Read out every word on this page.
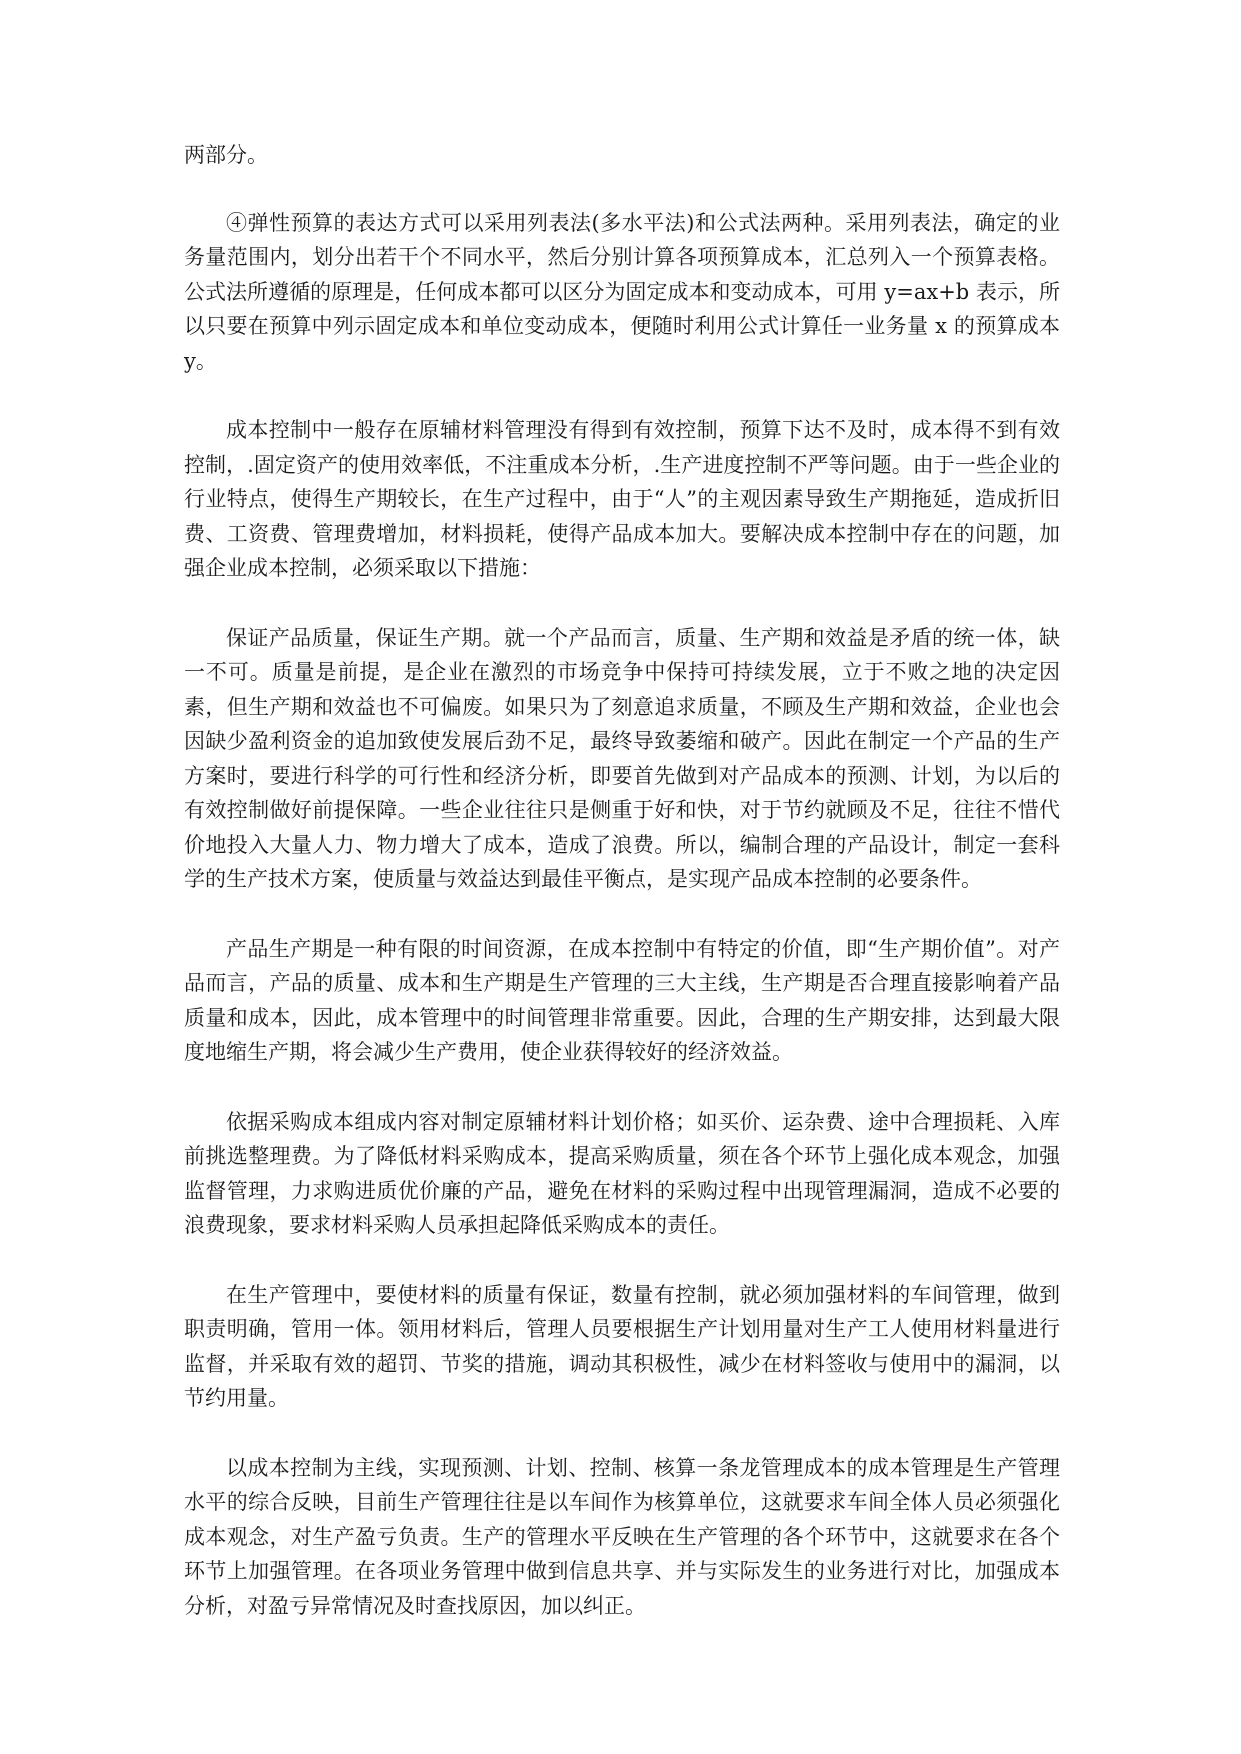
两部分。

④弹性预算的表达方式可以采用列表法(多水平法)和公式法两种。采用列表法，确定的业务量范围内，划分出若干个不同水平，然后分别计算各项预算成本，汇总列入一个预算表格。公式法所遵循的原理是，任何成本都可以区分为固定成本和变动成本，可用 y=ax+b 表示，所以只要在预算中列示固定成本和单位变动成本，便随时利用公式计算任一业务量 x 的预算成本 y。

成本控制中一般存在原辅材料管理没有得到有效控制，预算下达不及时，成本得不到有效控制，.固定资产的使用效率低，不注重成本分析，.生产进度控制不严等问题。由于一些企业的行业特点，使得生产期较长，在生产过程中，由于“人”的主观因素导致生产期拖延，造成折旧费、工资费、管理费增加，材料损耗，使得产品成本加大。要解决成本控制中存在的问题，加强企业成本控制，必须采取以下措施：

保证产品质量，保证生产期。就一个产品而言，质量、生产期和效益是矛盾的统一体，缺一不可。质量是前提，是企业在激烈的市场竞争中保持可持续发展，立于不败之地的决定因素，但生产期和效益也不可偏废。如果只为了刻意追求质量，不顾及生产期和效益，企业也会因缺少盈利资金的追加致使发展后劲不足，最终导致萎缩和破产。因此在制定一个产品的生产方案时，要进行科学的可行性和经济分析，即要首先做到对产品成本的预测、计划，为以后的有效控制做好前提保障。一些企业往往只是侧重于好和快，对于节约就顾及不足，往往不惜代价地投入大量人力、物力增大了成本，造成了浪费。所以，编制合理的产品设计，制定一套科学的生产技术方案，使质量与效益达到最佳平衡点，是实现产品成本控制的必要条件。

产品生产期是一种有限的时间资源，在成本控制中有特定的价值，即“生产期价值”。对产品而言，产品的质量、成本和生产期是生产管理的三大主线，生产期是否合理直接影响着产品质量和成本，因此，成本管理中的时间管理非常重要。因此，合理的生产期安排，达到最大限度地缩生产期，将会减少生产费用，使企业获得较好的经济效益。

依据采购成本组成内容对制定原辅材料计划价格；如买价、运杂费、途中合理损耗、入库前挑选整理费。为了降低材料采购成本，提高采购质量，须在各个环节上强化成本观念，加强监督管理，力求购进质优价廉的产品，避免在材料的采购过程中出现管理漏洞，造成不必要的浪费现象，要求材料采购人员承担起降低采购成本的责任。

在生产管理中，要使材料的质量有保证，数量有控制，就必须加强材料的车间管理，做到职责明确，管用一体。领用材料后，管理人员要根据生产计划用量对生产工人使用材料量进行监督，并采取有效的超罚、节奖的措施，调动其积极性，减少在材料签收与使用中的漏洞，以节约用量。

以成本控制为主线，实现预测、计划、控制、核算一条龙管理成本的成本管理是生产管理水平的综合反映，目前生产管理往往是以车间作为核算单位，这就要求车间全体人员必须强化成本观念，对生产盈亏负责。生产的管理水平反映在生产管理的各个环节中，这就要求在各个环节上加强管理。在各项业务管理中做到信息共享、并与实际发生的业务进行对比，加强成本分析，对盈亏异常情况及时查找原因，加以纠正。
